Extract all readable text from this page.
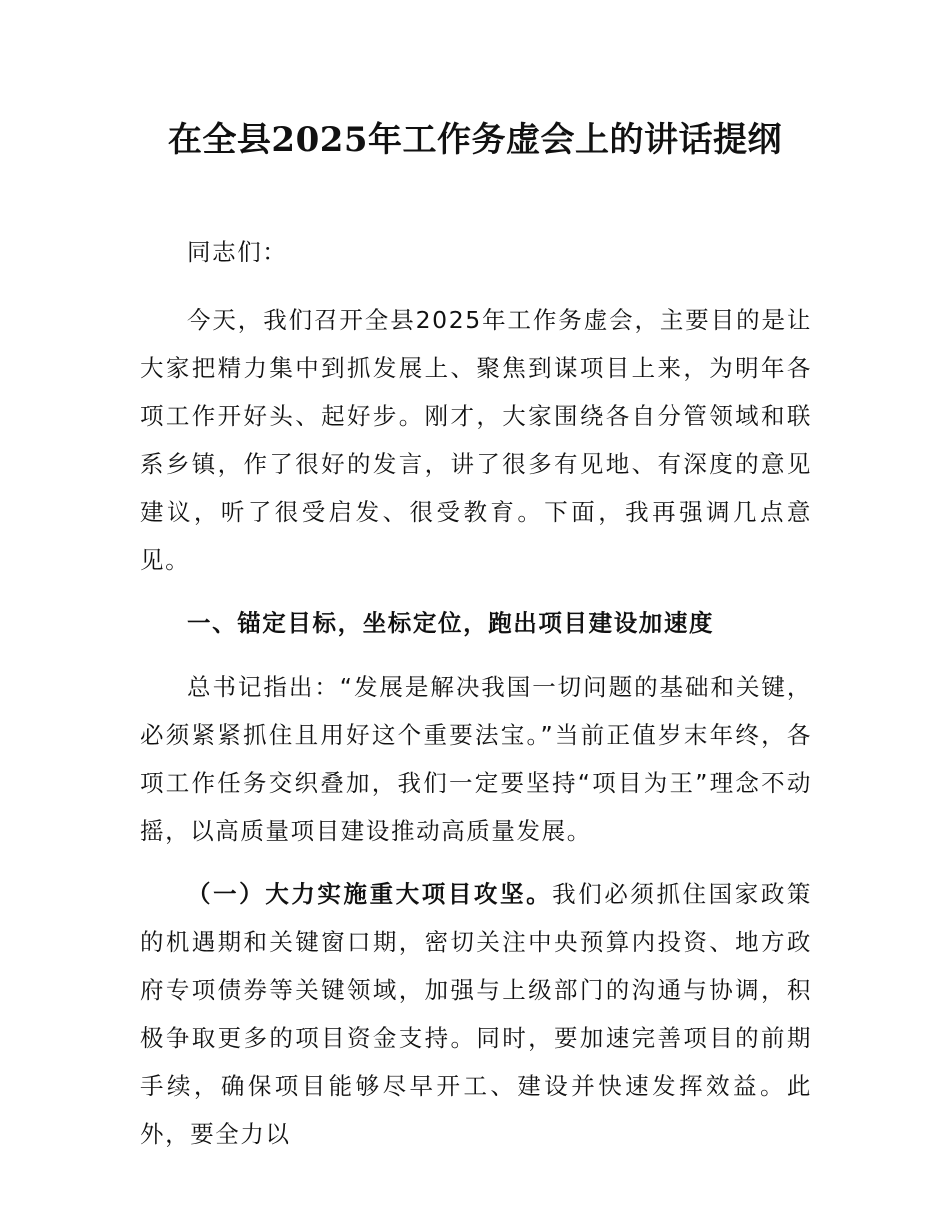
在全县2025年工作务虚会上的讲话提纲

同志们：

今天，我们召开全县2025年工作务虚会，主要目的是让大家把精力集中到抓发展上、聚焦到谋项目上来，为明年各项工作开好头、起好步。刚才，大家围绕各自分管领域和联系乡镇，作了很好的发言，讲了很多有见地、有深度的意见建议，听了很受启发、很受教育。下面，我再强调几点意见。

一、锚定目标，坐标定位，跑出项目建设加速度

总书记指出：“发展是解决我国一切问题的基础和关键，必须紧紧抓住且用好这个重要法宝。”当前正值岁末年终，各项工作任务交织叠加，我们一定要坚持“项目为王”理念不动摇，以高质量项目建设推动高质量发展。

（一）大力实施重大项目攻坚。我们必须抓住国家政策的机遇期和关键窗口期，密切关注中央预算内投资、地方政府专项债券等关键领域，加强与上级部门的沟通与协调，积极争取更多的项目资金支持。同时，要加速完善项目的前期手续，确保项目能够尽早开工、建设并快速发挥效益。此外，要全力以
